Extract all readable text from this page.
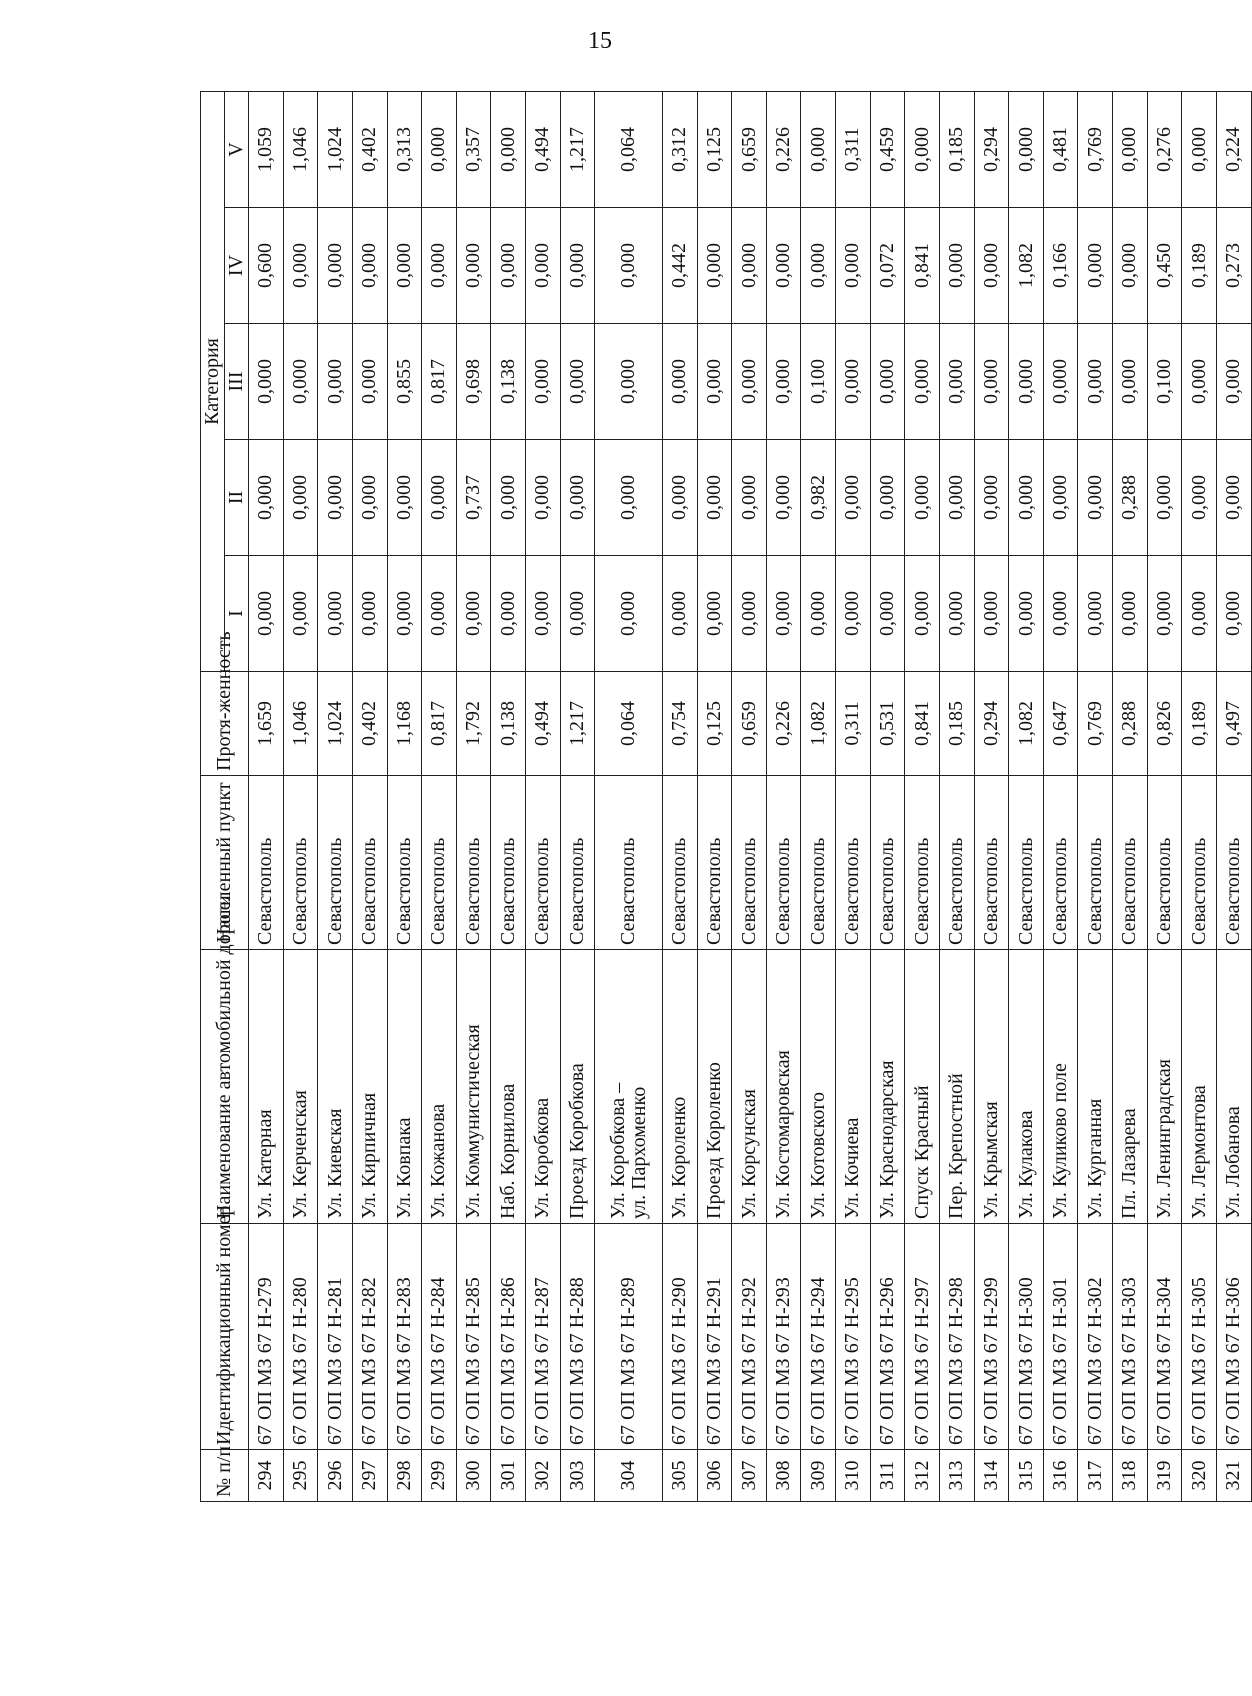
15
№ п/п	Идентификационный номер	Наименование автомобильной дороги	Населенный пункт	Протя-женность	Категория				
					I	II	III	IV	V
294	67 ОП МЗ 67 Н-279	Ул. Катерная	Севастополь	1,659	0,000	0,000	0,000	0,600	1,059
295	67 ОП МЗ 67 Н-280	Ул. Керченская	Севастополь	1,046	0,000	0,000	0,000	0,000	1,046
296	67 ОП МЗ 67 Н-281	Ул. Киевская	Севастополь	1,024	0,000	0,000	0,000	0,000	1,024
297	67 ОП МЗ 67 Н-282	Ул. Кирпичная	Севастополь	0,402	0,000	0,000	0,000	0,000	0,402
298	67 ОП МЗ 67 Н-283	Ул. Ковпака	Севастополь	1,168	0,000	0,000	0,855	0,000	0,313
299	67 ОП МЗ 67 Н-284	Ул. Кожанова	Севастополь	0,817	0,000	0,000	0,817	0,000	0,000
300	67 ОП МЗ 67 Н-285	Ул. Коммунистическая	Севастополь	1,792	0,000	0,737	0,698	0,000	0,357
301	67 ОП МЗ 67 Н-286	Наб. Корнилова	Севастополь	0,138	0,000	0,000	0,138	0,000	0,000
302	67 ОП МЗ 67 Н-287	Ул. Коробкова	Севастополь	0,494	0,000	0,000	0,000	0,000	0,494
303	67 ОП МЗ 67 Н-288	Проезд Коробкова	Севастополь	1,217	0,000	0,000	0,000	0,000	1,217
304	67 ОП МЗ 67 Н-289	Ул. Коробкова – ул. Пархоменко	Севастополь	0,064	0,000	0,000	0,000	0,000	0,064
305	67 ОП МЗ 67 Н-290	Ул. Короленко	Севастополь	0,754	0,000	0,000	0,000	0,442	0,312
306	67 ОП МЗ 67 Н-291	Проезд Короленко	Севастополь	0,125	0,000	0,000	0,000	0,000	0,125
307	67 ОП МЗ 67 Н-292	Ул. Корсунская	Севастополь	0,659	0,000	0,000	0,000	0,000	0,659
308	67 ОП МЗ 67 Н-293	Ул. Костомаровская	Севастополь	0,226	0,000	0,000	0,000	0,000	0,226
309	67 ОП МЗ 67 Н-294	Ул. Котовского	Севастополь	1,082	0,000	0,982	0,100	0,000	0,000
310	67 ОП МЗ 67 Н-295	Ул. Кочиева	Севастополь	0,311	0,000	0,000	0,000	0,000	0,311
311	67 ОП МЗ 67 Н-296	Ул. Краснодарская	Севастополь	0,531	0,000	0,000	0,000	0,072	0,459
312	67 ОП МЗ 67 Н-297	Спуск Красный	Севастополь	0,841	0,000	0,000	0,000	0,841	0,000
313	67 ОП МЗ 67 Н-298	Пер. Крепостной	Севастополь	0,185	0,000	0,000	0,000	0,000	0,185
314	67 ОП МЗ 67 Н-299	Ул. Крымская	Севастополь	0,294	0,000	0,000	0,000	0,000	0,294
315	67 ОП МЗ 67 Н-300	Ул. Кулакова	Севастополь	1,082	0,000	0,000	0,000	1,082	0,000
316	67 ОП МЗ 67 Н-301	Ул. Куликово поле	Севастополь	0,647	0,000	0,000	0,000	0,166	0,481
317	67 ОП МЗ 67 Н-302	Ул. Курганная	Севастополь	0,769	0,000	0,000	0,000	0,000	0,769
318	67 ОП МЗ 67 Н-303	Пл. Лазарева	Севастополь	0,288	0,000	0,288	0,000	0,000	0,000
319	67 ОП МЗ 67 Н-304	Ул. Ленинградская	Севастополь	0,826	0,000	0,000	0,100	0,450	0,276
320	67 ОП МЗ 67 Н-305	Ул. Лермонтова	Севастополь	0,189	0,000	0,000	0,000	0,189	0,000
321	67 ОП МЗ 67 Н-306	Ул. Лобанова	Севастополь	0,497	0,000	0,000	0,000	0,273	0,224
